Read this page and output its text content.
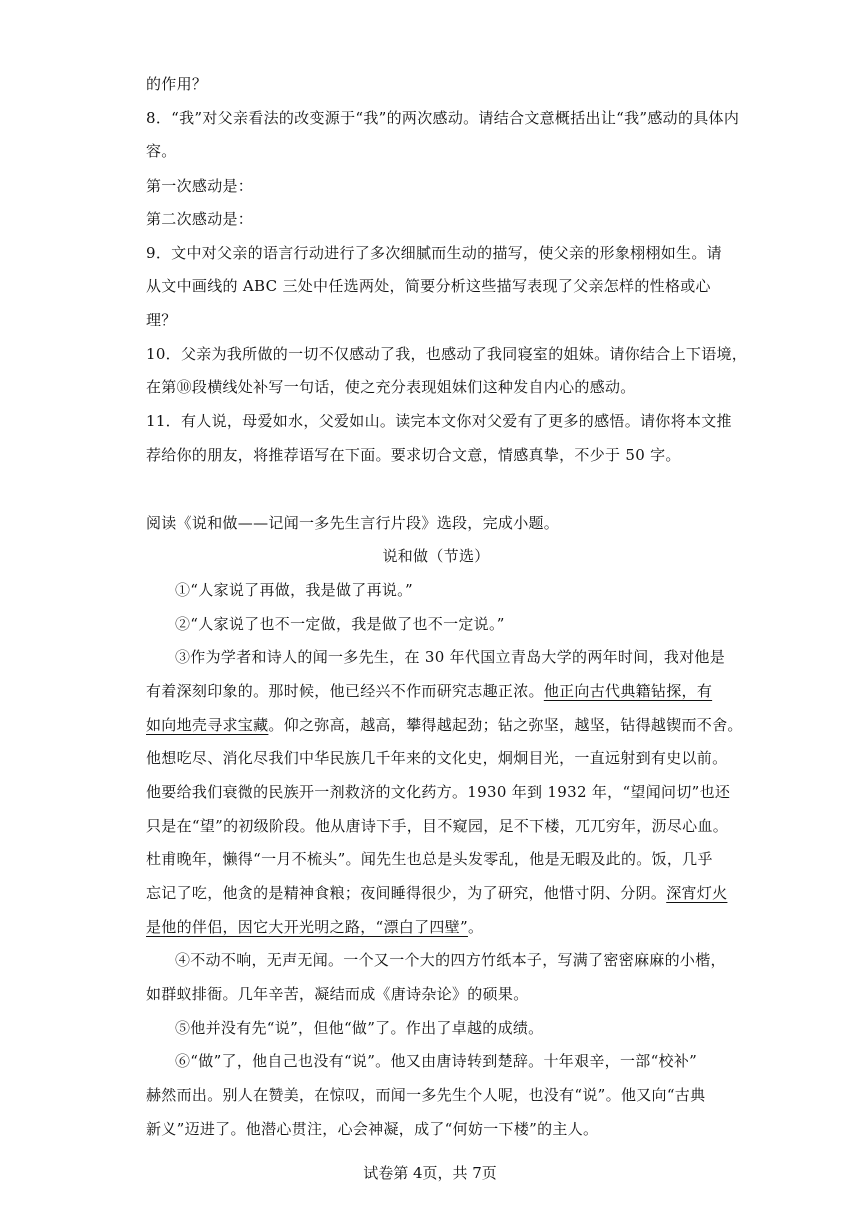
的作用？
8．“我”对父亲看法的改变源于“我”的两次感动。请结合文意概括出让“我”感动的具体内
容。
第一次感动是：
第二次感动是：
9．文中对父亲的语言行动进行了多次细腻而生动的描写，使父亲的形象栩栩如生。请
从文中画线的 ABC 三处中任选两处，简要分析这些描写表现了父亲怎样的性格或心
理？
10．父亲为我所做的一切不仅感动了我，也感动了我同寝室的姐妹。请你结合上下语境，
在第⑩段横线处补写一句话，使之充分表现姐妹们这种发自内心的感动。
11．有人说，母爱如水，父爱如山。读完本文你对父爱有了更多的感悟。请你将本文推
荐给你的朋友，将推荐语写在下面。要求切合文意，情感真挚，不少于 50 字。
阅读《说和做——记闻一多先生言行片段》选段，完成小题。
说和做（节选）
①“人家说了再做，我是做了再说。”
②“人家说了也不一定做，我是做了也不一定说。”
③作为学者和诗人的闻一多先生，在 30 年代国立青岛大学的两年时间，我对他是
有着深刻印象的。那时候，他已经兴不作而研究志趣正浓。他正向古代典籍钻探，有
如向地壳寻求宝藏。仰之弥高，越高，攀得越起劲；钻之弥坚，越坚，钻得越锲而不舍。
他想吃尽、消化尽我们中华民族几千年来的文化史，炯炯目光，一直远射到有史以前。
他要给我们衰微的民族开一剂救济的文化药方。1930 年到 1932 年，“望闻问切”也还
只是在“望”的初级阶段。他从唐诗下手，目不窥园，足不下楼，兀兀穷年，沥尽心血。
杜甫晚年，懒得“一月不梳头”。闻先生也总是头发零乱，他是无暇及此的。饭，几乎
忘记了吃，他贪的是精神食粮；夜间睡得很少，为了研究，他惜寸阴、分阴。深宵灯火
是他的伴侣，因它大开光明之路，“漂白了四壁”。
④不动不响，无声无闻。一个又一个大的四方竹纸本子，写满了密密麻麻的小楷，
如群蚁排衙。几年辛苦，凝结而成《唐诗杂论》的硕果。
⑤他并没有先“说”，但他“做”了。作出了卓越的成绩。
⑥“做”了，他自己也没有“说”。他又由唐诗转到楚辞。十年艰辛，一部“校补”
赫然而出。别人在赞美，在惊叹，而闻一多先生个人呢，也没有“说”。他又向“古典
新义”迈进了。他潜心贯注，心会神凝，成了“何妨一下楼”的主人。
试卷第 4页，共 7页
